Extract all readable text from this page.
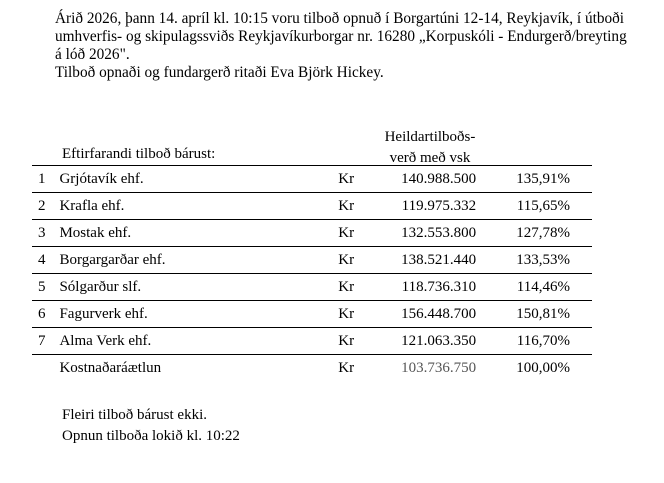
Árið 2026, þann 14. apríl kl. 10:15 voru tilboð opnuð í Borgartúni 12-14, Reykjavík, í útboði

umhverfis- og skipulagssviðs Reykjavíkurborgar nr. 16280 „Korpuskóli - Endurgerð/breyting

á lóð 2026".

Tilboð opnaði og fundargerð ritaði Eva Björk Hickey.

Eftirfarandi tilboð bárust:
Heildartilboðs-
verð með vsk
1	Grjótavík ehf.	Kr	140.988.500	135,91%
2	Krafla ehf.	Kr	119.975.332	115,65%
3	Mostak ehf.	Kr	132.553.800	127,78%
4	Borgargarðar ehf.	Kr	138.521.440	133,53%
5	Sólgarður slf.	Kr	118.736.310	114,46%
6	Fagurverk ehf.	Kr	156.448.700	150,81%
7	Alma Verk ehf.	Kr	121.063.350	116,70%
	Kostnaðaráætlun	Kr	103.736.750	100,00%

Fleiri tilboð bárust ekki.

Opnun tilboða lokið kl. 10:22
